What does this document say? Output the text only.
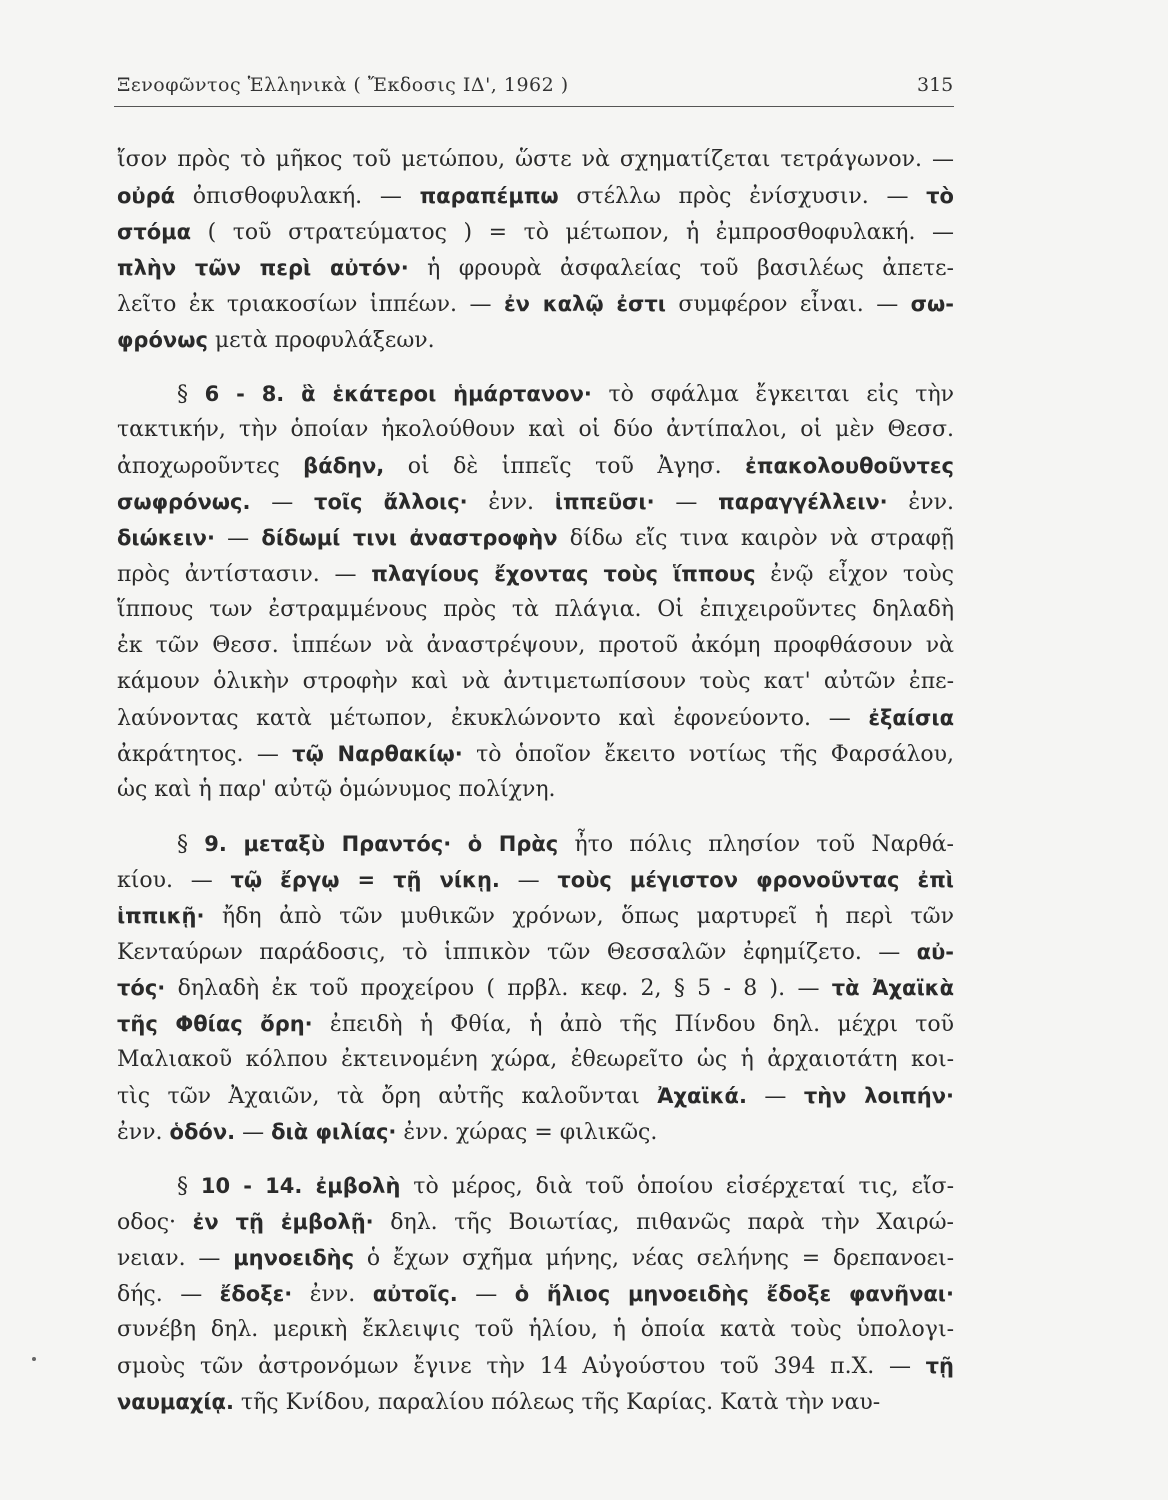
Ξενοφῶντος Ἑλληνικὰ ( Ἔκδοσις ΙΔ', 1962 )	315
ἴσον πρὸς τὸ μῆκος τοῦ μετώπου, ὥστε νὰ σχηματίζεται τετράγωνον. —
οὐρά ὀπισθοφυλακή. — παραπέμπω στέλλω πρὸς ἐνίσχυσιν. — τὸ
στόμα ( τοῦ στρατεύματος ) = τὸ μέτωπον, ἡ ἐμπροσθοφυλακή. —
πλὴν τῶν περὶ αὐτόν· ἡ φρουρὰ ἀσφαλείας τοῦ βασιλέως ἀπετε-
λεῖτο ἐκ τριακοσίων ἱππέων. — ἐν καλῷ ἐστι συμφέρον εἶναι. — σω-
φρόνως μετὰ προφυλάξεων.
§ 6 - 8. ἃ ἑκάτεροι ἡμάρτανον· τὸ σφάλμα ἔγκειται εἰς τὴν
τακτικήν, τὴν ὁποίαν ἠκολούθουν καὶ οἱ δύο ἀντίπαλοι, οἱ μὲν Θεσσ.
ἀποχωροῦντες βάδην, οἱ δὲ ἱππεῖς τοῦ Ἀγησ. ἐπακολουθοῦντες
σωφρόνως. — τοῖς ἄλλοις· ἐνν. ἱππεῦσι· — παραγγέλλειν· ἐνν.
διώκειν· — δίδωμί τινι ἀναστροφὴν δίδω εἴς τινα καιρὸν νὰ στραφῇ
πρὸς ἀντίστασιν. — πλαγίους ἔχοντας τοὺς ἵππους ἐνῷ εἶχον τοὺς
ἵππους των ἐστραμμένους πρὸς τὰ πλάγια. Οἱ ἐπιχειροῦντες δηλαδὴ
ἐκ τῶν Θεσσ. ἱππέων νὰ ἀναστρέψουν, προτοῦ ἀκόμη προφθάσουν νὰ
κάμουν ὁλικὴν στροφὴν καὶ νὰ ἀντιμετωπίσουν τοὺς κατ' αὐτῶν ἐπε-
λαύνοντας κατὰ μέτωπον, ἐκυκλώνοντο καὶ ἐφονεύοντο. — ἐξαίσια
ἀκράτητος. — τῷ Ναρθακίῳ· τὸ ὁποῖον ἔκειτο νοτίως τῆς Φαρσάλου,
ὡς καὶ ἡ παρ' αὐτῷ ὁμώνυμος πολίχνη.
§ 9. μεταξὺ Πραντός· ὁ Πρὰς ἦτο πόλις πλησίον τοῦ Ναρθά-
κίου. — τῷ ἔργῳ = τῇ νίκῃ. — τοὺς μέγιστον φρονοῦντας ἐπὶ
ἱππικῇ· ἤδη ἀπὸ τῶν μυθικῶν χρόνων, ὅπως μαρτυρεῖ ἡ περὶ τῶν
Κενταύρων παράδοσις, τὸ ἱππικὸν τῶν Θεσσαλῶν ἐφημίζετο. — αὐ-
τός· δηλαδὴ ἐκ τοῦ προχείρου ( πρβλ. κεφ. 2, § 5 - 8 ). — τὰ Ἀχαϊκὰ
τῆς Φθίας ὄρη· ἐπειδὴ ἡ Φθία, ἡ ἀπὸ τῆς Πίνδου δηλ. μέχρι τοῦ
Μαλιακοῦ κόλπου ἐκτεινομένη χώρα, ἐθεωρεῖτο ὡς ἡ ἀρχαιοτάτη κοι-
τὶς τῶν Ἀχαιῶν, τὰ ὄρη αὐτῆς καλοῦνται Ἀχαϊκά. — τὴν λοιπήν·
ἐνν. ὁδόν. — διὰ φιλίας· ἐνν. χώρας = φιλικῶς.
§ 10 - 14. ἐμβολὴ τὸ μέρος, διὰ τοῦ ὁποίου εἰσέρχεταί τις, εἴσ-
οδος· ἐν τῇ ἐμβολῇ· δηλ. τῆς Βοιωτίας, πιθανῶς παρὰ τὴν Χαιρώ-
νειαν. — μηνοειδὴς ὁ ἔχων σχῆμα μήνης, νέας σελήνης = δρεπανοει-
δής. — ἔδοξε· ἐνν. αὐτοῖς. — ὁ ἥλιος μηνοειδὴς ἔδοξε φανῆναι·
συνέβη δηλ. μερικὴ ἔκλειψις τοῦ ἡλίου, ἡ ὁποία κατὰ τοὺς ὑπολογι-
σμοὺς τῶν ἀστρονόμων ἔγινε τὴν 14 Αὐγούστου τοῦ 394 π.Χ. — τῇ
ναυμαχίᾳ. τῆς Κνίδου, παραλίου πόλεως τῆς Καρίας. Κατὰ τὴν ναυ-
